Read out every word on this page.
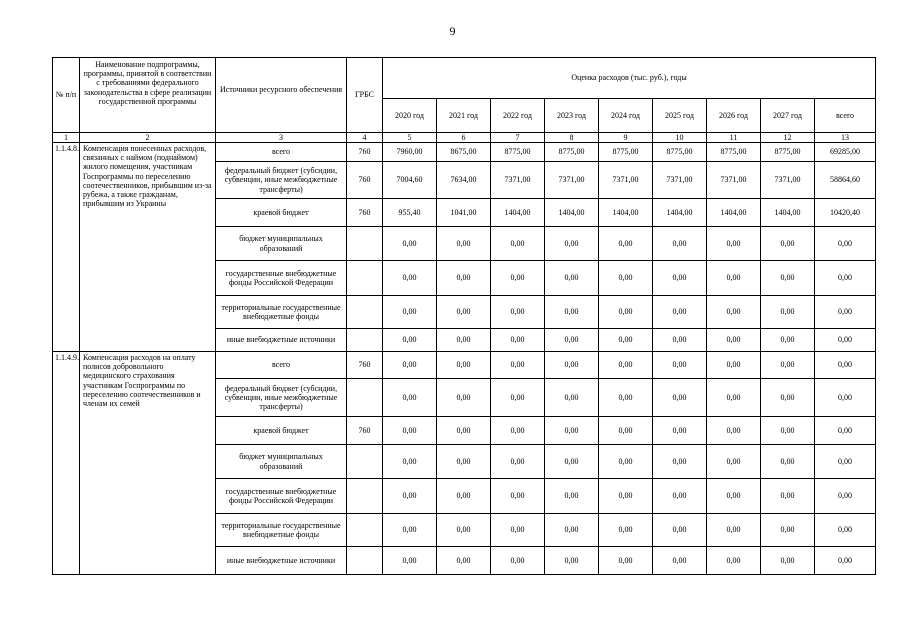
9
№ п/п	Наименование подпрограммы, программы, принятой в соответствии с требованиями федерального законодательства в сфере реализации государственной программы	Источники ресурсного обеспечения	ГРБС	Оценка расходов (тыс. руб.), годы								
				2020 год	2021 год	2022 год	2023 год	2024 год	2025 год	2026 год	2027 год	всего
1	2	3	4	5	6	7	8	9	10	11	12	13
1.1.4.8.	Компенсация понесенных расходов, связанных с наймом (поднаймом) жилого помещения, участникам Госпрограммы по переселению соотечественников, прибывшим из-за рубежа, а также гражданам, прибывшим из Украины	всего	760	7960,00	8675,00	8775,00	8775,00	8775,00	8775,00	8775,00	8775,00	69285,00
		федеральный бюджет (субсидии, субвенции, иные межбюджетные трансферты)	760	7004,60	7634,00	7371,00	7371,00	7371,00	7371,00	7371,00	7371,00	58864,60
		краевой бюджет	760	955,40	1041,00	1404,00	1404,00	1404,00	1404,00	1404,00	1404,00	10420,40
		бюджет муниципальных образований		0,00	0,00	0,00	0,00	0,00	0,00	0,00	0,00	0,00
		государственные внебюджетные фонды Российской Федерации		0,00	0,00	0,00	0,00	0,00	0,00	0,00	0,00	0,00
		территориальные государственные внебюджетные фонды		0,00	0,00	0,00	0,00	0,00	0,00	0,00	0,00	0,00
		иные внебюджетные источники		0,00	0,00	0,00	0,00	0,00	0,00	0,00	0,00	0,00
1.1.4.9.	Компенсация расходов на оплату полисов добровольного медицинского страхования участникам Госпрограммы по переселению соотечественников и членам их семей	всего	760	0,00	0,00	0,00	0,00	0,00	0,00	0,00	0,00	0,00
		федеральный бюджет (субсидии, субвенции, иные межбюджетные трансферты)		0,00	0,00	0,00	0,00	0,00	0,00	0,00	0,00	0,00
		краевой бюджет	760	0,00	0,00	0,00	0,00	0,00	0,00	0,00	0,00	0,00
		бюджет муниципальных образований		0,00	0,00	0,00	0,00	0,00	0,00	0,00	0,00	0,00
		государственные внебюджетные фонды Российской Федерации		0,00	0,00	0,00	0,00	0,00	0,00	0,00	0,00	0,00
		территориальные государственные внебюджетные фонды		0,00	0,00	0,00	0,00	0,00	0,00	0,00	0,00	0,00
		иные внебюджетные источники		0,00	0,00	0,00	0,00	0,00	0,00	0,00	0,00	0,00
